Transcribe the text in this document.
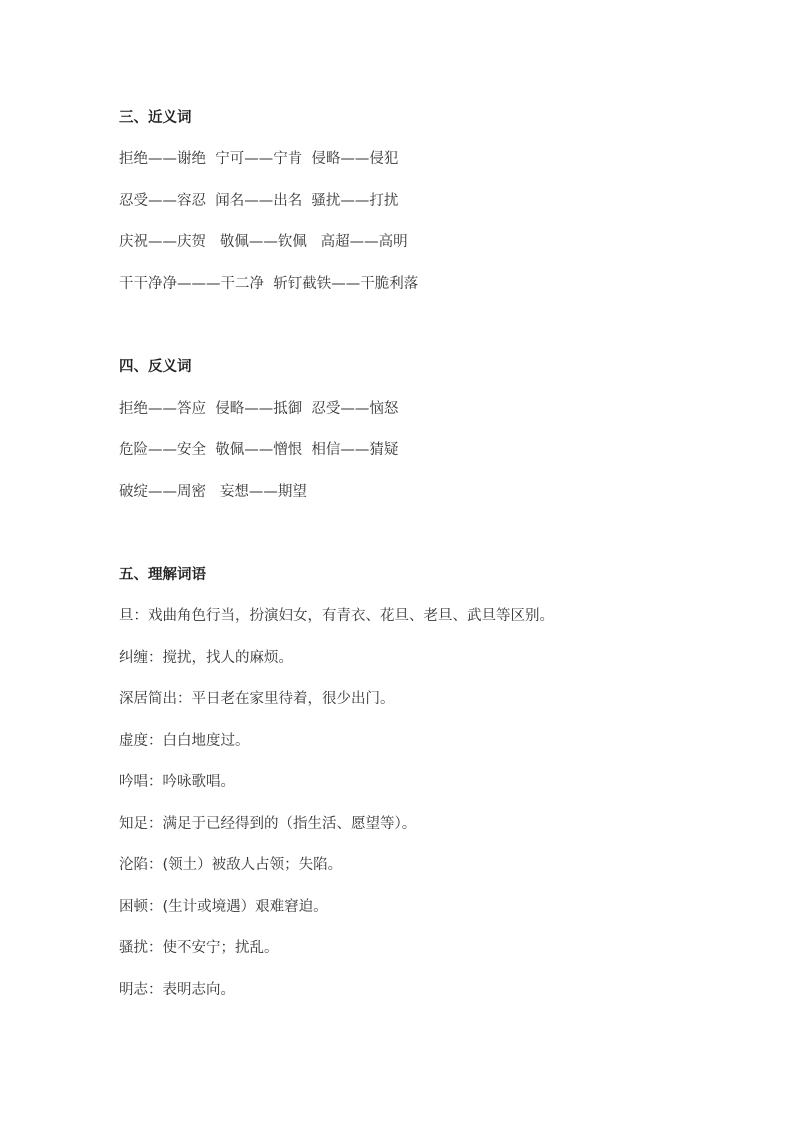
三、近义词
拒绝——谢绝  宁可——宁肯  侵略——侵犯
忍受——容忍  闻名——出名  骚扰——打扰
庆祝——庆贺   敬佩——钦佩   高超——高明
干干净净———干二净  斩钉截铁——干脆利落
四、反义词
拒绝——答应  侵略——抵御  忍受——恼怒
危险——安全  敬佩——憎恨  相信——猜疑
破绽——周密   妄想——期望
五、理解词语
旦：戏曲角色行当，扮演妇女，有青衣、花旦、老旦、武旦等区别。
纠缠：搅扰，找人的麻烦。
深居简出：平日老在家里待着，很少出门。
虚度：白白地度过。
吟唱：吟咏歌唱。
知足：满足于已经得到的（指生活、愿望等）。
沦陷：(领土）被敌人占领；失陷。
困顿：(生计或境遇）艰难窘迫。
骚扰：使不安宁；扰乱。
明志：表明志向。
